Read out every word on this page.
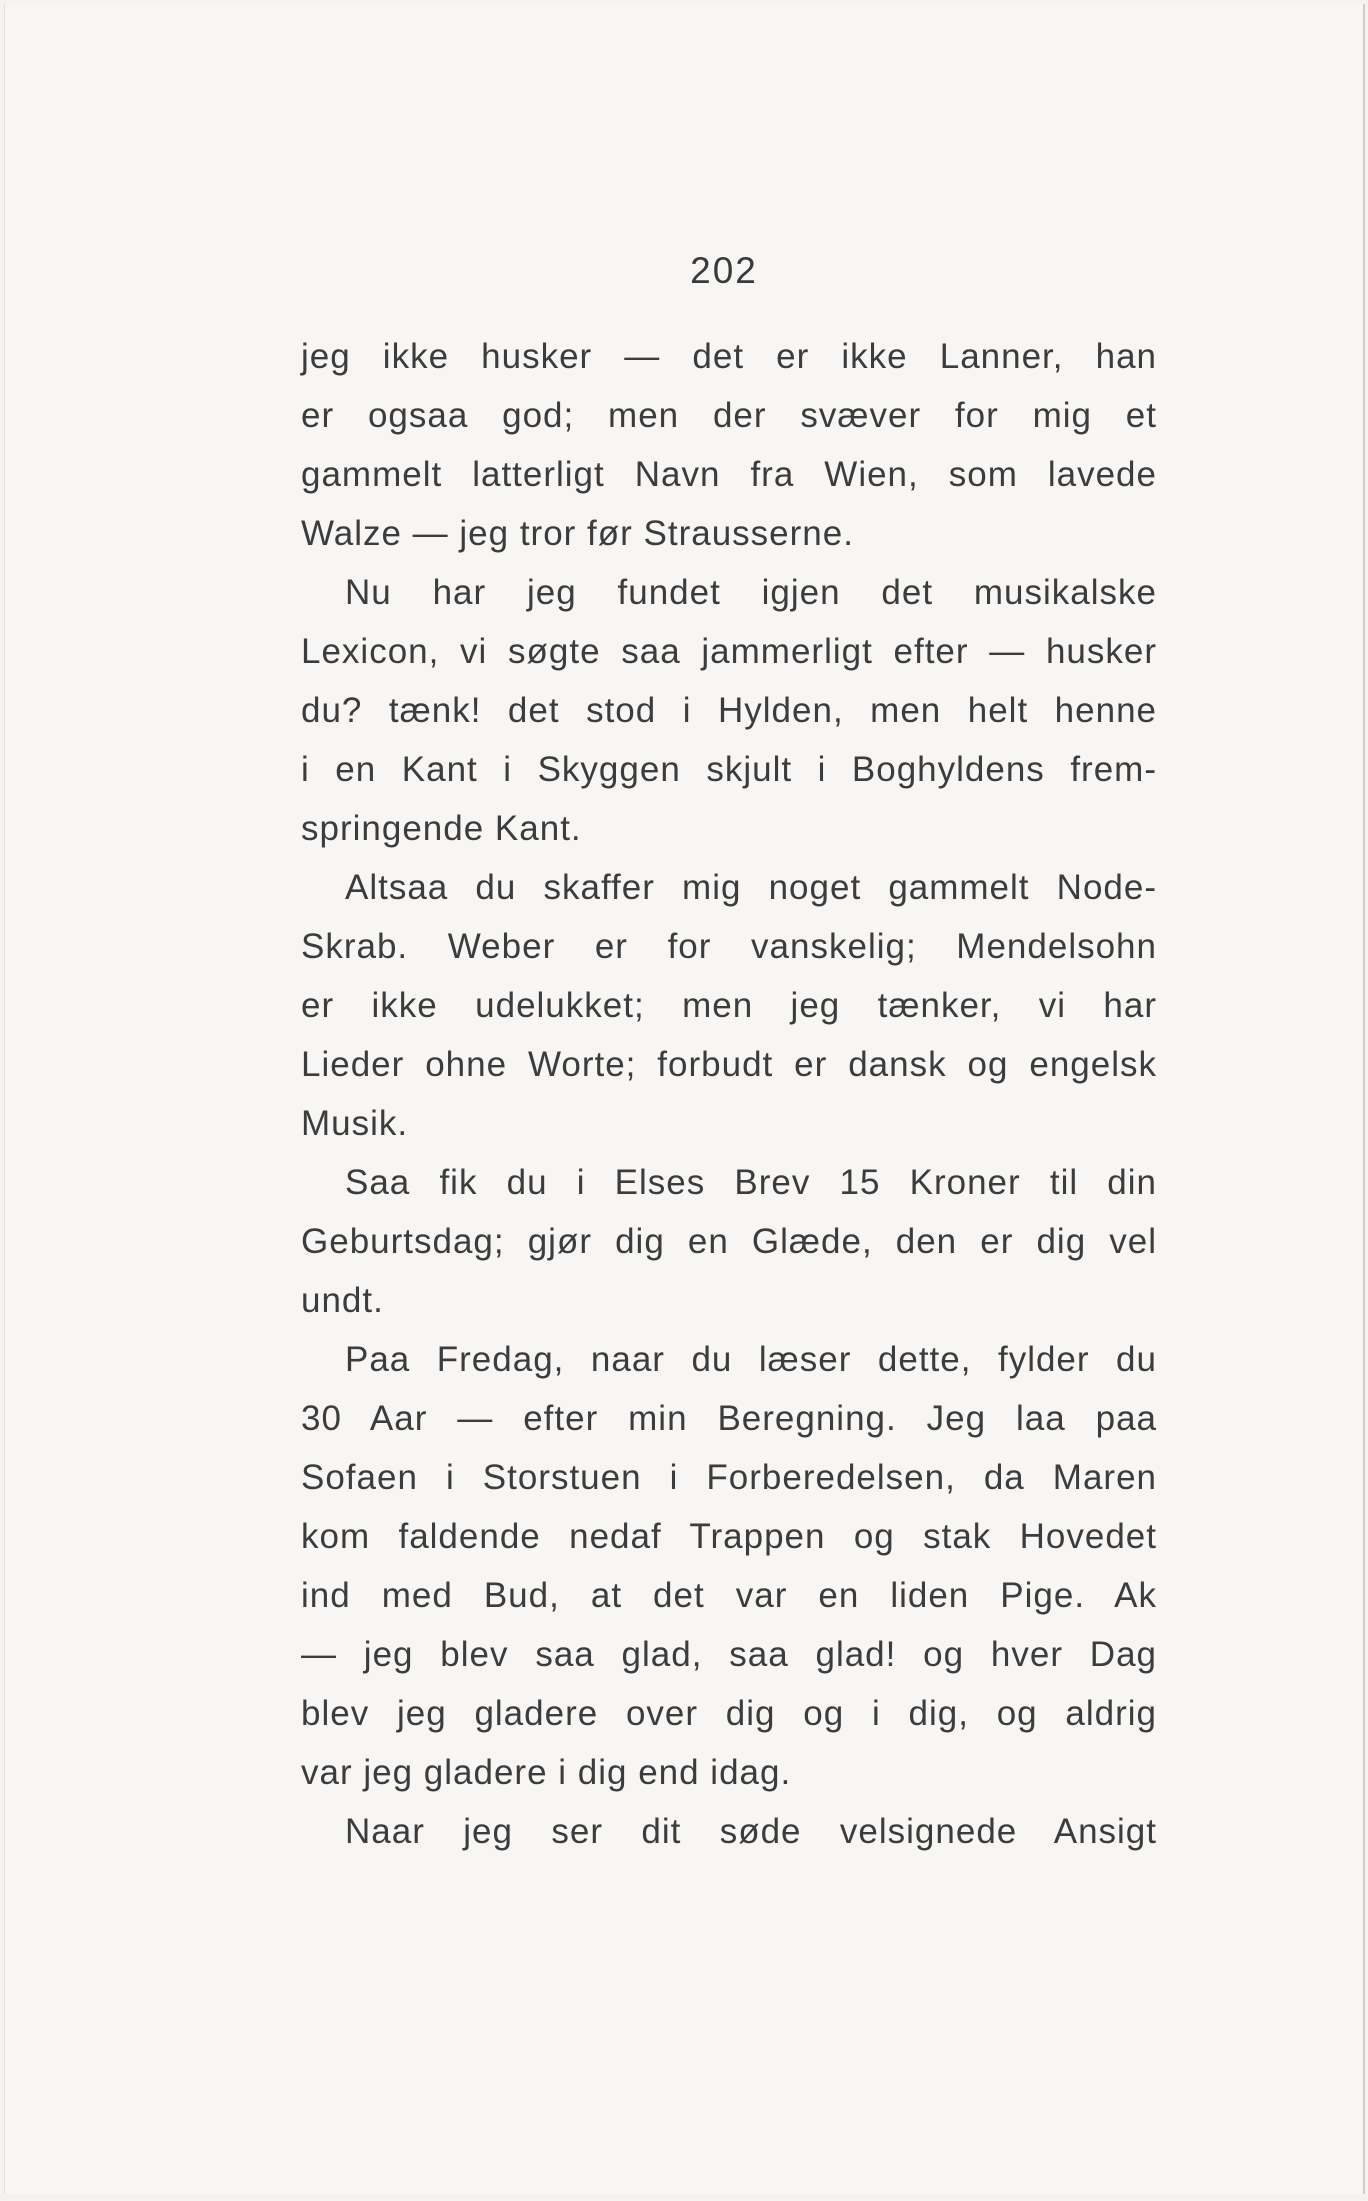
202
jeg ikke husker — det er ikke Lanner, han
er ogsaa god; men der svæver for mig et
gammelt latterligt Navn fra Wien, som lavede
Walze — jeg tror før Strausserne.
Nu har jeg fundet igjen det musikalske
Lexicon, vi søgte saa jammerligt efter — husker
du? tænk! det stod i Hylden, men helt henne
i en Kant i Skyggen skjult i Boghyldens frem-
springende Kant.
Altsaa du skaffer mig noget gammelt Node-
Skrab. Weber er for vanskelig; Mendelsohn
er ikke udelukket; men jeg tænker, vi har
Lieder ohne Worte; forbudt er dansk og engelsk
Musik.
Saa fik du i Elses Brev 15 Kroner til din
Geburtsdag; gjør dig en Glæde, den er dig vel
undt.
Paa Fredag, naar du læser dette, fylder du
30 Aar — efter min Beregning. Jeg laa paa
Sofaen i Storstuen i Forberedelsen, da Maren
kom faldende nedaf Trappen og stak Hovedet
ind med Bud, at det var en liden Pige. Ak
— jeg blev saa glad, saa glad! og hver Dag
blev jeg gladere over dig og i dig, og aldrig
var jeg gladere i dig end idag.
Naar jeg ser dit søde velsignede Ansigt
